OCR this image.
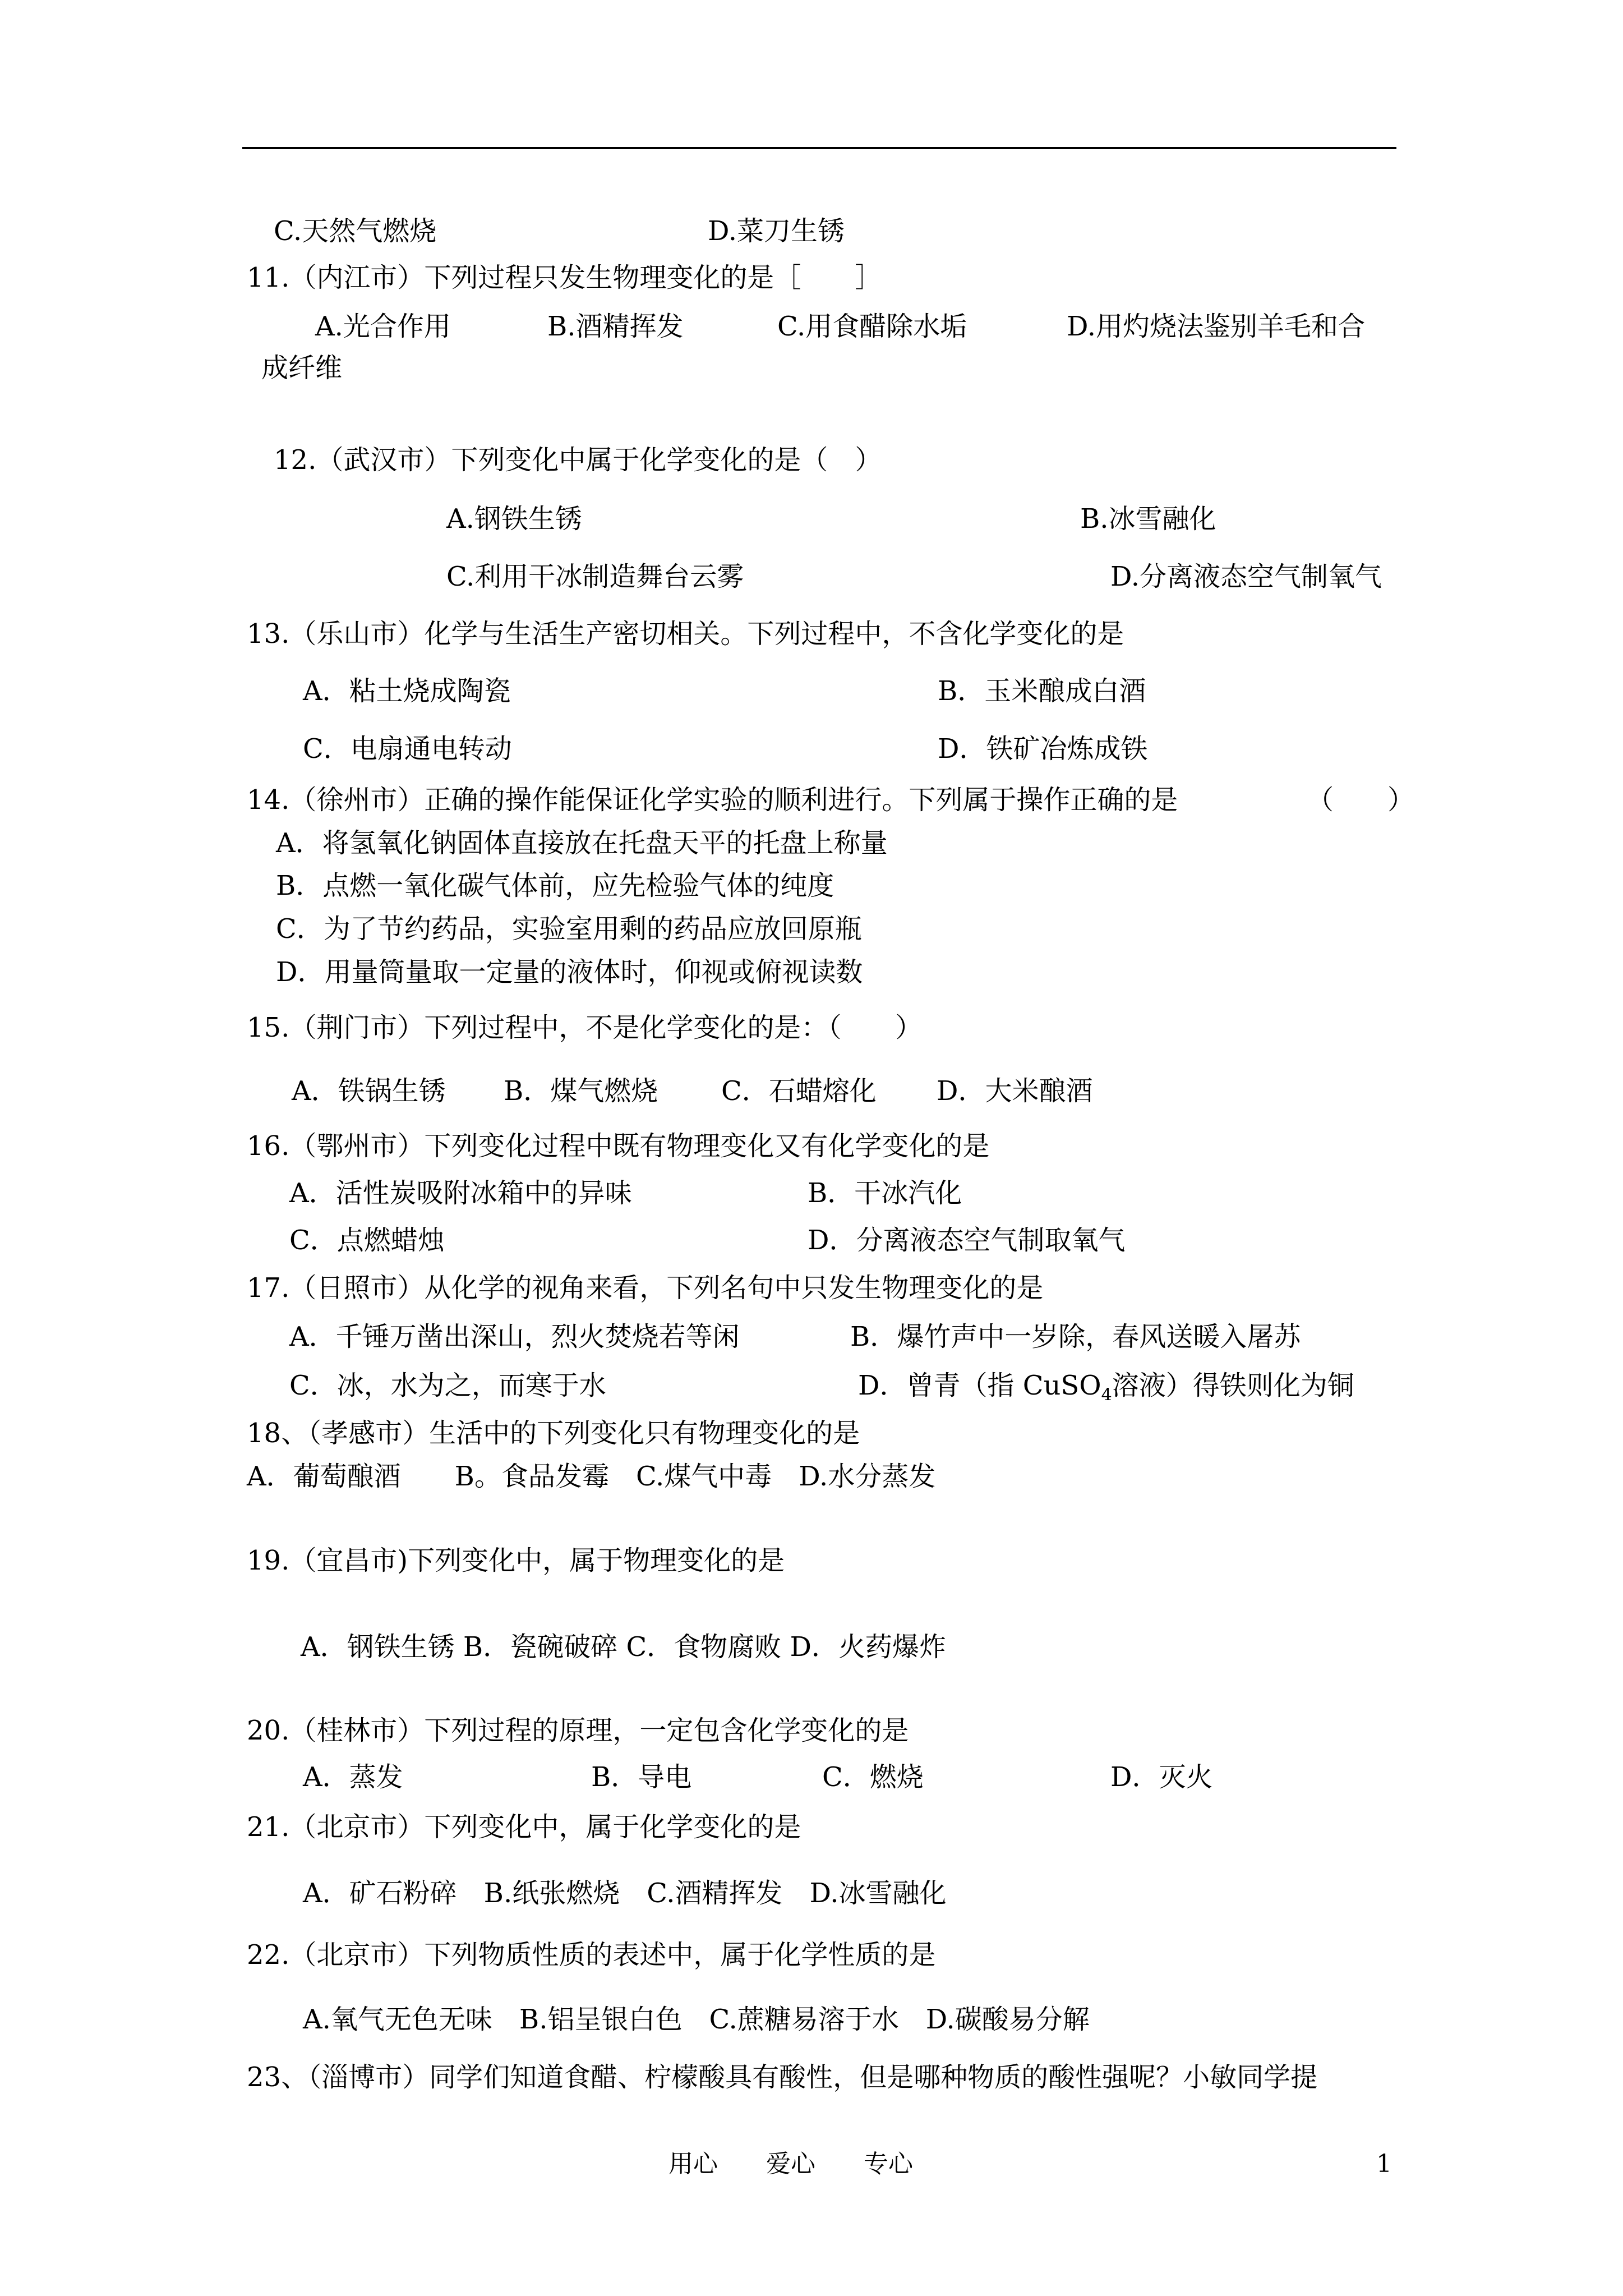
C.天然气燃烧	D.菜刀生锈
11.（内江市）下列过程只发生物理变化的是［　　］
A.光合作用	B.酒精挥发	C.用食醋除水垢	D.用灼烧法鉴别羊毛和合
成纤维
12.（武汉市）下列变化中属于化学变化的是（　）
A.钢铁生锈	B.冰雪融化
C.利用干冰制造舞台云雾	D.分离液态空气制氧气
13.（乐山市）化学与生活生产密切相关。下列过程中，不含化学变化的是
A．粘土烧成陶瓷	B．玉米酿成白酒
C．电扇通电转动	D．铁矿冶炼成铁
14.（徐州市）正确的操作能保证化学实验的顺利进行。下列属于操作正确的是	（　　）
A．将氢氧化钠固体直接放在托盘天平的托盘上称量
B．点燃一氧化碳气体前，应先检验气体的纯度
C．为了节约药品，实验室用剩的药品应放回原瓶
D．用量筒量取一定量的液体时，仰视或俯视读数
15.（荆门市）下列过程中，不是化学变化的是：（　　）
A．铁锅生锈 B．煤气燃烧 C．石蜡熔化 D．大米酿酒
16.（鄂州市）下列变化过程中既有物理变化又有化学变化的是
A．活性炭吸附冰箱中的异味	B．干冰汽化
C．点燃蜡烛	D．分离液态空气制取氧气
17.（日照市）从化学的视角来看，下列名句中只发生物理变化的是
A．千锤万凿出深山，烈火焚烧若等闲	B．爆竹声中一岁除，春风送暖入屠苏
C．冰，水为之，而寒于水	D．曾青（指 CuSO$_4$溶液）得铁则化为铜
18、（孝感市）生活中的下列变化只有物理变化的是
A．葡萄酿酒　　B。食品发霉　C.煤气中毒　D.水分蒸发
19.（宜昌市)下列变化中，属于物理变化的是
A．钢铁生锈 B．瓷碗破碎 C．食物腐败 D．火药爆炸
20.（桂林市）下列过程的原理，一定包含化学变化的是
A．蒸发	B．导电	C．燃烧	D．灭火
21.（北京市）下列变化中，属于化学变化的是
A．矿石粉碎　B.纸张燃烧　C.酒精挥发　D.冰雪融化
22.（北京市）下列物质性质的表述中，属于化学性质的是
A.氧气无色无味　B.铝呈银白色　C.蔗糖易溶于水　D.碳酸易分解
23、（淄博市）同学们知道食醋、柠檬酸具有酸性，但是哪种物质的酸性强呢？小敏同学提
用心 爱心 专心	1
